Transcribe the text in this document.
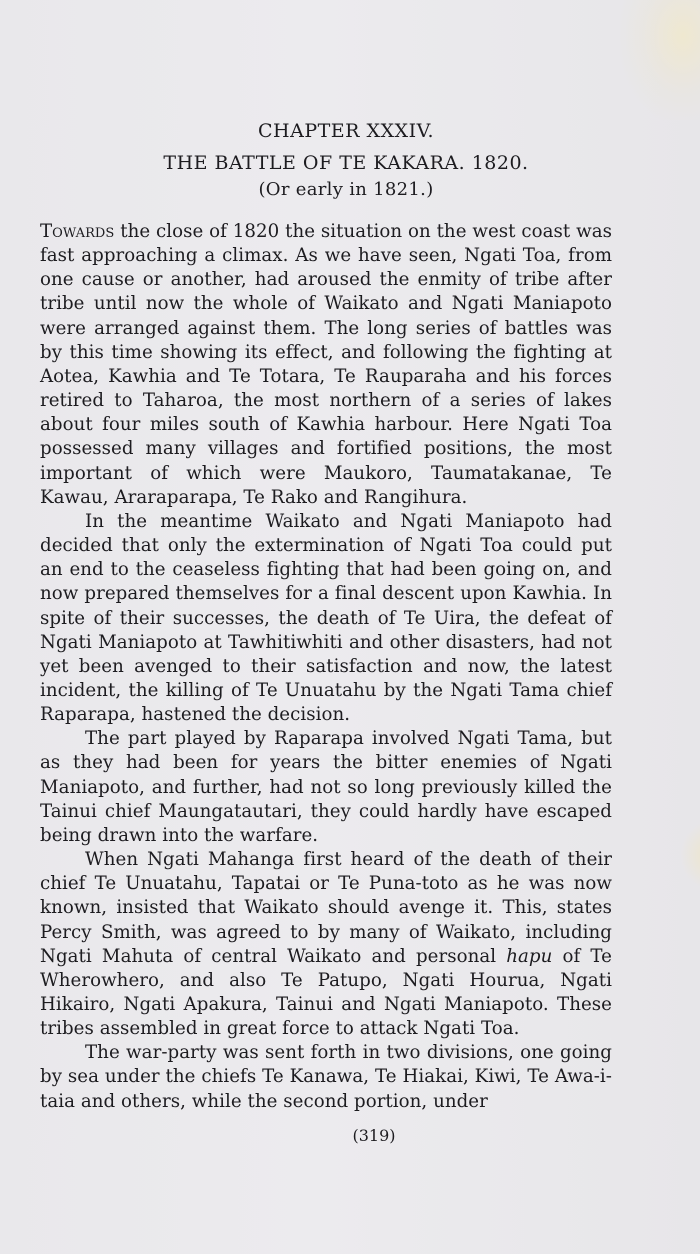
CHAPTER XXXIV.
THE BATTLE OF TE KAKARA. 1820.
(Or early in 1821.)

Towards the close of 1820 the situation on the west coast was fast approaching a climax. As we have seen, Ngati Toa, from one cause or another, had aroused the enmity of tribe after tribe until now the whole of Waikato and Ngati Maniapoto were arranged against them. The long series of battles was by this time showing its effect, and following the fighting at Aotea, Kawhia and Te Totara, Te Rauparaha and his forces retired to Taharoa, the most northern of a series of lakes about four miles south of Kawhia harbour. Here Ngati Toa possessed many villages and fortified positions, the most important of which were Maukoro, Taumatakanae, Te Kawau, Araraparapa, Te Rako and Rangihura.

In the meantime Waikato and Ngati Maniapoto had decided that only the extermination of Ngati Toa could put an end to the ceaseless fighting that had been going on, and now prepared themselves for a final descent upon Kawhia. In spite of their successes, the death of Te Uira, the defeat of Ngati Maniapoto at Tawhitiwhiti and other disasters, had not yet been avenged to their satisfaction and now, the latest incident, the killing of Te Unuatahu by the Ngati Tama chief Raparapa, hastened the decision.

The part played by Raparapa involved Ngati Tama, but as they had been for years the bitter enemies of Ngati Maniapoto, and further, had not so long previously killed the Tainui chief Maungatautari, they could hardly have escaped being drawn into the warfare.

When Ngati Mahanga first heard of the death of their chief Te Unuatahu, Tapatai or Te Puna-toto as he was now known, insisted that Waikato should avenge it. This, states Percy Smith, was agreed to by many of Waikato, including Ngati Mahuta of central Waikato and personal hapu of Te Wherowhero, and also Te Patupo, Ngati Hourua, Ngati Hikairo, Ngati Apakura, Tainui and Ngati Maniapoto. These tribes assembled in great force to attack Ngati Toa.

The war-party was sent forth in two divisions, one going by sea under the chiefs Te Kanawa, Te Hiakai, Kiwi, Te Awa-i-taia and others, while the second portion, under

(319)
